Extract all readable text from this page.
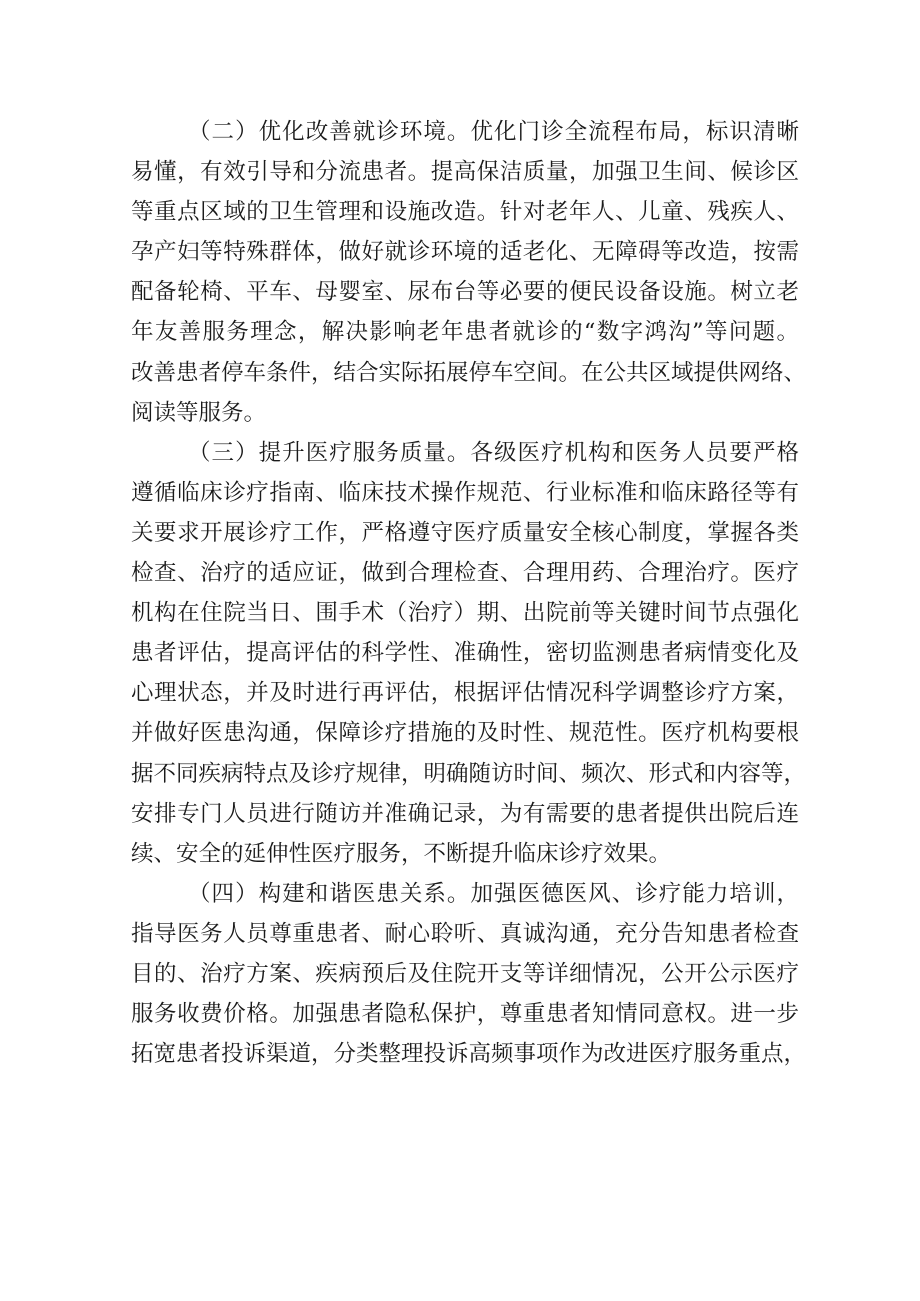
（二）优化改善就诊环境。优化门诊全流程布局，标识清晰
易懂，有效引导和分流患者。提高保洁质量，加强卫生间、候诊区
等重点区域的卫生管理和设施改造。针对老年人、儿童、残疾人、
孕产妇等特殊群体，做好就诊环境的适老化、无障碍等改造，按需
配备轮椅、平车、母婴室、尿布台等必要的便民设备设施。树立老
年友善服务理念，解决影响老年患者就诊的“数字鸿沟”等问题。
改善患者停车条件，结合实际拓展停车空间。在公共区域提供网络、
阅读等服务。
（三）提升医疗服务质量。各级医疗机构和医务人员要严格
遵循临床诊疗指南、临床技术操作规范、行业标准和临床路径等有
关要求开展诊疗工作，严格遵守医疗质量安全核心制度，掌握各类
检查、治疗的适应证，做到合理检查、合理用药、合理治疗。医疗
机构在住院当日、围手术（治疗）期、出院前等关键时间节点强化
患者评估，提高评估的科学性、准确性，密切监测患者病情变化及
心理状态，并及时进行再评估，根据评估情况科学调整诊疗方案，
并做好医患沟通，保障诊疗措施的及时性、规范性。医疗机构要根
据不同疾病特点及诊疗规律，明确随访时间、频次、形式和内容等，
安排专门人员进行随访并准确记录，为有需要的患者提供出院后连
续、安全的延伸性医疗服务，不断提升临床诊疗效果。
（四）构建和谐医患关系。加强医德医风、诊疗能力培训，
指导医务人员尊重患者、耐心聆听、真诚沟通，充分告知患者检查
目的、治疗方案、疾病预后及住院开支等详细情况，公开公示医疗
服务收费价格。加强患者隐私保护，尊重患者知情同意权。进一步
拓宽患者投诉渠道，分类整理投诉高频事项作为改进医疗服务重点，
